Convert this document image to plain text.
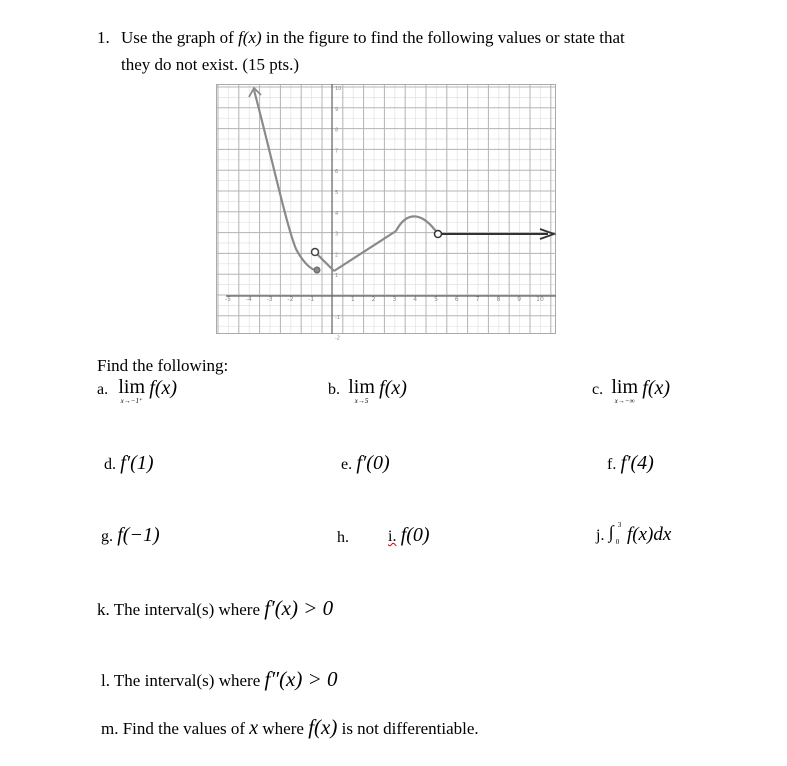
1. Use the graph of f(x) in the figure to find the following values or state that
they do not exist. (15 pts.)
-5 -4 -3 -2 -1	1	2	3	4	5	6	7	8	9	10
10
9
8
7
6
5
4
3
2
1
-1
-2
Find the following:
a. lim
x→−1⁺
f(x)	b. lim
x→5
f(x)	c. lim
x→−∞
f(x)
d. f′(1)	e. f′(0)	f. f′(4)
g. f(−1)	h. i. f(0)	j. ∫ 3
0 f(x)dx
k. The interval(s) where f′(x) > 0
l. The interval(s) where f″(x) > 0
m. Find the values of x where f(x) is not differentiable.
